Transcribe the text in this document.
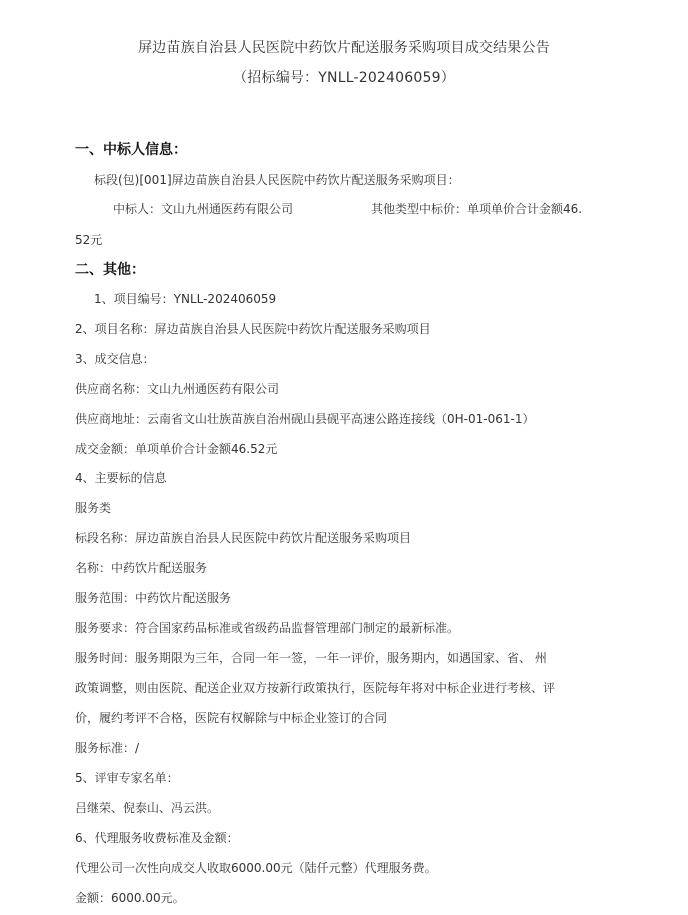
屏边苗族自治县人民医院中药饮片配送服务采购项目成交结果公告
（招标编号：YNLL-202406059）
一、中标人信息：
标段(包)[001]屏边苗族自治县人民医院中药饮片配送服务采购项目：
中标人：文山九州通医药有限公司	其他类型中标价：单项单价合计金额46.
52元
二、其他：
1、项目编号：YNLL-202406059
2、项目名称：屏边苗族自治县人民医院中药饮片配送服务采购项目
3、成交信息：
供应商名称：文山九州通医药有限公司
供应商地址：云南省文山壮族苗族自治州砚山县砚平高速公路连接线（0H-01-061-1）
成交金额：单项单价合计金额46.52元
4、主要标的信息
服务类
标段名称：屏边苗族自治县人民医院中药饮片配送服务采购项目
名称：中药饮片配送服务
服务范围：中药饮片配送服务
服务要求：符合国家药品标准或省级药品监督管理部门制定的最新标准。
服务时间：服务期限为三年，合同一年一签，一年一评价，服务期内，如遇国家、省、 州
政策调整，则由医院、配送企业双方按新行政策执行，医院每年将对中标企业进行考核、评
价，履约考评不合格，医院有权解除与中标企业签订的合同
服务标准：/
5、评审专家名单：
吕继荣、倪泰山、冯云洪。
6、代理服务收费标准及金额：
代理公司一次性向成交人收取6000.00元（陆仟元整）代理服务费。
金额：6000.00元。
